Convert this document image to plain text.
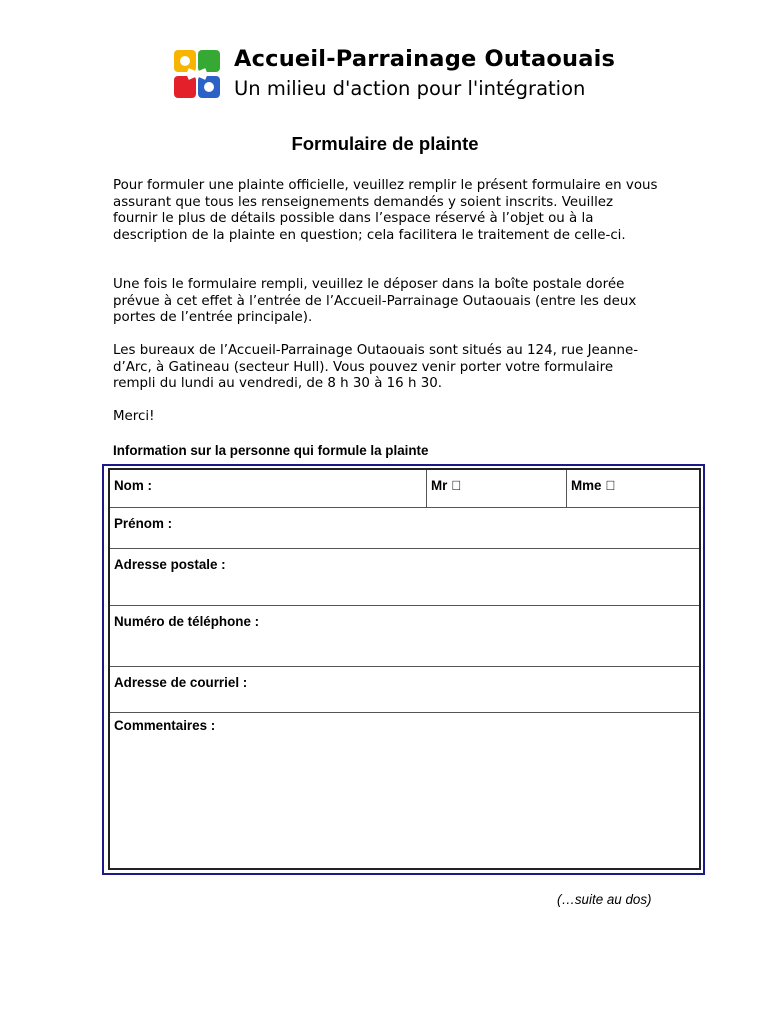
Accueil-Parrainage Outaouais
Un milieu d'action pour l'intégration
Formulaire de plainte

Pour formuler une plainte officielle, veuillez remplir le présent formulaire en vous assurant que tous les renseignements demandés y soient inscrits. Veuillez fournir le plus de détails possible dans l’espace réservé à l’objet ou à la description de la plainte en question; cela facilitera le traitement de celle-ci.

Une fois le formulaire rempli, veuillez le déposer dans la boîte postale dorée prévue à cet effet à l’entrée de l’Accueil-Parrainage Outaouais (entre les deux portes de l’entrée principale).

Les bureaux de l’Accueil-Parrainage Outaouais sont situés au 124, rue Jeanne-d’Arc, à Gatineau (secteur Hull). Vous pouvez venir porter votre formulaire rempli du lundi au vendredi, de 8 h 30 à 16 h 30.

Merci!

Information sur la personne qui formule la plainte
Nom :	Mr	Mme
Prénom :
Adresse postale :
Numéro de téléphone :
Adresse de courriel :
Commentaires :
(…suite au dos)
